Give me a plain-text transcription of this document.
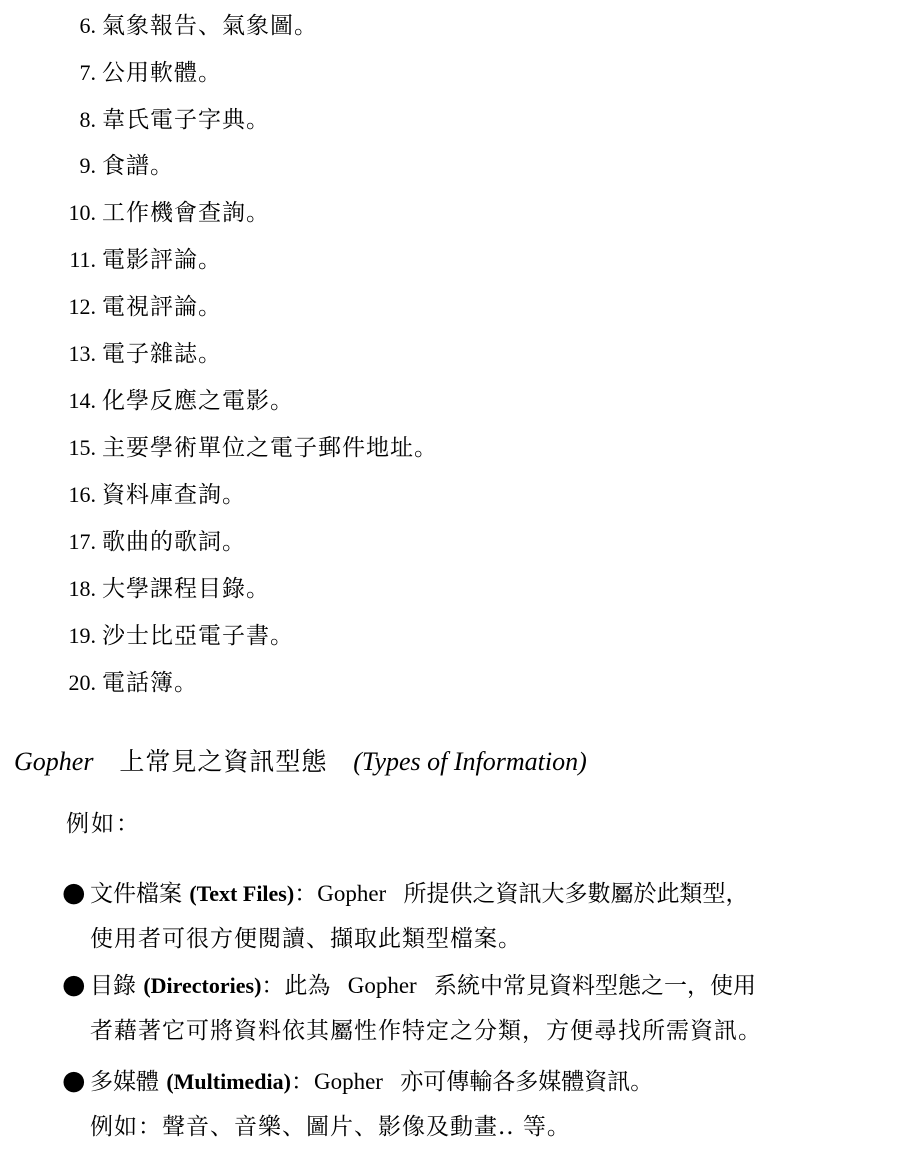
6. 氣象報告、氣象圖。
7. 公用軟體。
8. 韋氏電子字典。
9. 食譜。
10. 工作機會查詢。
11. 電影評論。
12. 電視評論。
13. 電子雜誌。
14. 化學反應之電影。
15. 主要學術單位之電子郵件地址。
16. 資料庫查詢。
17. 歌曲的歌詞。
18. 大學課程目錄。
19. 沙士比亞電子書。
20. 電話簿。
Gopher 上常見之資訊型態 (Types of Information)
例如：
● 文件檔案 (Text Files)：Gopher 所提供之資訊大多數屬於此類型，
使用者可很方便閱讀、擷取此類型檔案。
● 目錄 (Directories)：此為 Gopher 系統中常見資料型態之一，使用
者藉著它可將資料依其屬性作特定之分類，方便尋找所需資訊。
● 多媒體 (Multimedia)：Gopher 亦可傳輸各多媒體資訊。
例如：聲音、音樂、圖片、影像及動畫.. 等。
